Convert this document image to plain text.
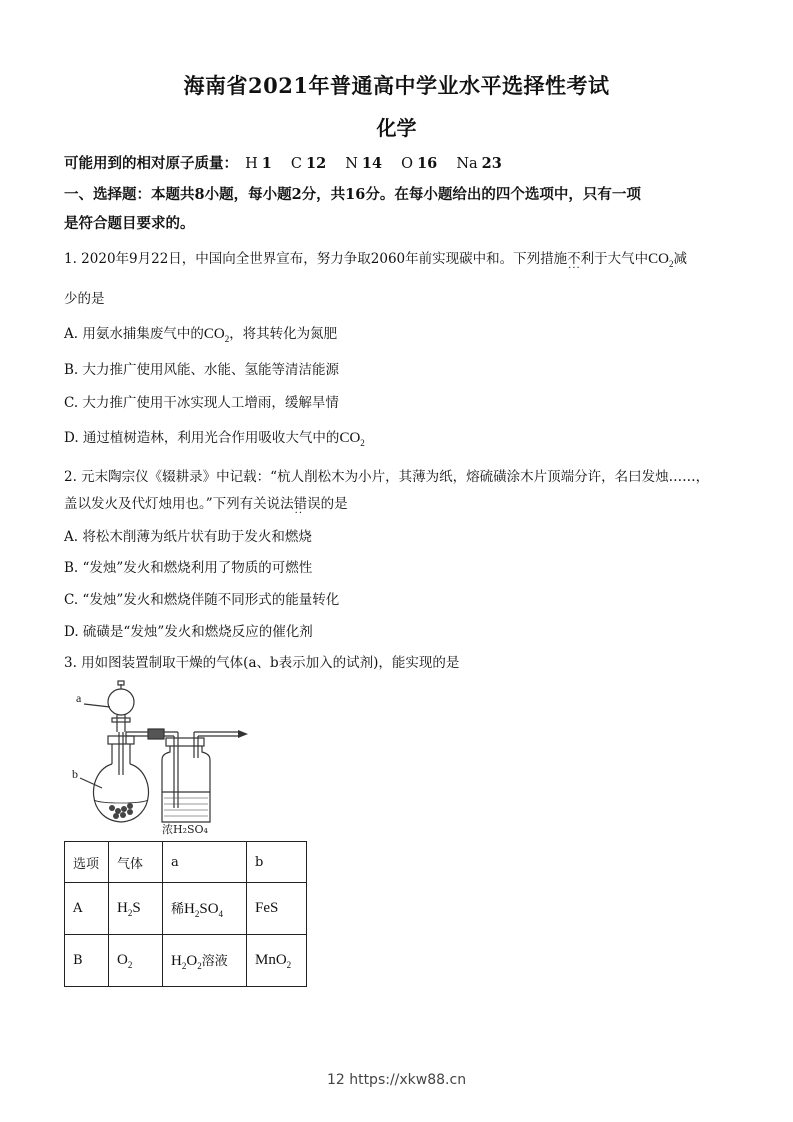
海南省2021年普通高中学业水平选择性考试
化学
可能用到的相对原子质量： H 1 C 12 N 14 O 16 Na 23
一、选择题：本题共8小题，每小题2分，共16分。在每小题给出的四个选项中，只有一项
是符合题目要求的。
1. 2020年9月22日，中国向全世界宣布，努力争取2060年前实现碳中和。下列措施不利于 ···大气中$CO_2$减
少的是
A. 用氨水捕集废气中的$CO_2$，将其转化为氮肥
B. 大力推广使用风能、水能、氢能等清洁能源
C. 大力推广使用干冰实现人工增雨，缓解旱情
D. 通过植树造林，利用光合作用吸收大气中的$CO_2$
2. 元末陶宗仪《辍耕录》中记载：“杭人削松木为小片，其薄为纸，熔硫磺涂木片顶端分许，名曰发烛……，
盖以发火及代灯烛用也。”下列有关说法错误 ··的是
A. 将松木削薄为纸片状有助于发火和燃烧
B. “发烛”发火和燃烧利用了物质的可燃性
C. “发烛”发火和燃烧伴随不同形式的能量转化
D. 硫磺是“发烛”发火和燃烧反应的催化剂
3. 用如图装置制取干燥的气体(a、b表示加入的试剂)，能实现的是
a
b
浓H₂SO₄
选项	气体	a	b
A	$H_2S$	稀$H_2SO_4$	FeS
B	$O_2$	$H_2O_2$溶液	MnO$_2$
12 https://xkw88.cn
